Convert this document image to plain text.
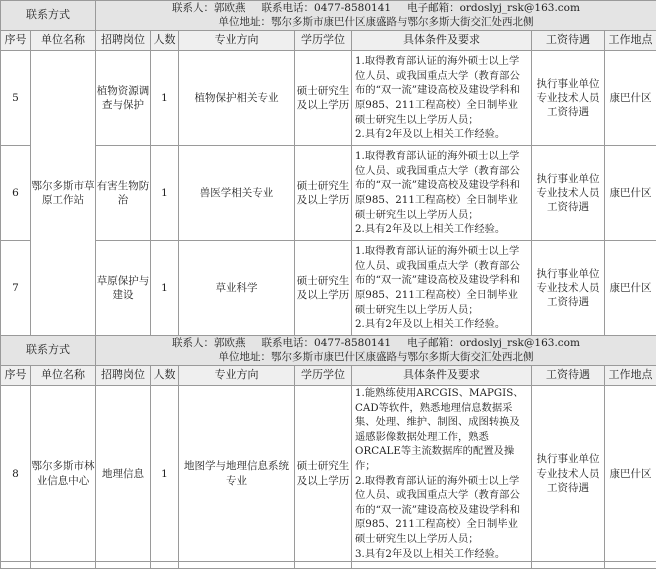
联系方式		联系人：郭欧燕 联系电话：0477-8580141 电子邮箱：ordoslyj_rsk@163.com
单位地址：鄂尔多斯市康巴什区康盛路与鄂尔多斯大街交汇处西北侧						

序号	单位名称	招聘岗位	人数	专业方向	学历学位	具体条件及要求	工资待遇	工作地点
5	鄂尔多斯市草原工作站	植物资源调查与保护	1	植物保护相关专业	硕士研究生及以上学历	1.取得教育部认证的海外硕士以上学位人员、或我国重点大学（教育部公布的“双一流”建设高校及建设学科和原985、211工程高校）全日制毕业硕士研究生以上学历人员；
2.具有2年及以上相关工作经验。	执行事业单位专业技术人员工资待遇	康巴什区
6		有害生物防治	1	兽医学相关专业	硕士研究生及以上学历	1.取得教育部认证的海外硕士以上学位人员、或我国重点大学（教育部公布的“双一流”建设高校及建设学科和原985、211工程高校）全日制毕业硕士研究生以上学历人员；
2.具有2年及以上相关工作经验。	执行事业单位专业技术人员工资待遇	康巴什区
7		草原保护与建设	1	草业科学	硕士研究生及以上学历	1.取得教育部认证的海外硕士以上学位人员、或我国重点大学（教育部公布的“双一流”建设高校及建设学科和原985、211工程高校）全日制毕业硕士研究生以上学历人员；
2.具有2年及以上相关工作经验。	执行事业单位专业技术人员工资待遇	康巴什区
联系方式		联系人：郭欧燕 联系电话：0477-8580141 电子邮箱：ordoslyj_rsk@163.com
单位地址：鄂尔多斯市康巴什区康盛路与鄂尔多斯大街交汇处西北侧						

序号	单位名称	招聘岗位	人数	专业方向	学历学位	具体条件及要求	工资待遇	工作地点
8	鄂尔多斯市林业信息中心	地理信息	1	地图学与地理信息系统专业	硕士研究生及以上学历	1.能熟练使用ARCGIS、MAPGIS、CAD等软件，熟悉地理信息数据采集、处理、维护、制图、成图转换及遥感影像数据处理工作，熟悉ORCALE等主流数据库的配置及操作；
2.取得教育部认证的海外硕士以上学位人员、或我国重点大学（教育部公布的“双一流”建设高校及建设学科和原985、211工程高校）全日制毕业硕士研究生以上学历人员；
3.具有2年及以上相关工作经验。	执行事业单位专业技术人员工资待遇	康巴什区
